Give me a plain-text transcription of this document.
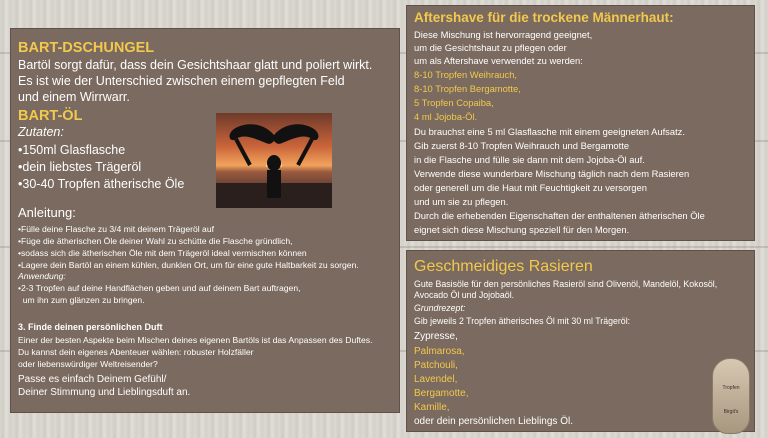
BART-DSCHUNGEL
Bartöl sorgt dafür, dass dein Gesichtshaar glatt und poliert wirkt.
Es ist wie der Unterschied zwischen einem gepflegten Feld
und einem Wirrwarr.
BART-ÖL
Zutaten:
•150ml Glasflasche
•dein liebstes Trägeröl
•30-40 Tropfen ätherische Öle
Anleitung:
•Fülle deine Flasche zu 3/4 mit deinem Trägeröl auf
•Füge die ätherischen Öle deiner Wahl zu schütte die Flasche gründlich,
•sodass sich die ätherischen Öle mit dem Trägeröl ideal vermischen können
•Lagere dein Bartöl an einem kühlen, dunklen Ort, um für eine gute Haltbarkeit zu sorgen.
Anwendung:
•2-3 Tropfen auf deine Handflächen geben und auf deinem Bart auftragen,
um ihn zum glänzen zu bringen.
3. Finde deinen persönlichen Duft
Einer der besten Aspekte beim Mischen deines eigenen Bartöls ist das Anpassen des Duftes.
Du kannst dein eigenes Abenteuer wählen: robuster Holzfäller
oder liebenswürdiger Weltreisender?
Passe es einfach Deinem Gefühl/
Deiner Stimmung und Lieblingsduft an.
Aftershave für die trockene Männerhaut:
Diese Mischung ist hervorragend geeignet,
um die Gesichtshaut zu pflegen oder
um als Aftershave verwendet zu werden:
8-10 Tropfen Weihrauch,
8-10 Tropfen Bergamotte,
5 Tropfen Copaiba,
4 ml Jojoba-Öl.
Du brauchst eine 5 ml Glasflasche mit einem geeigneten Aufsatz.
Gib zuerst 8-10 Tropfen Weihrauch und Bergamotte
in die Flasche und fülle sie dann mit dem Jojoba-Öl auf.
Verwende diese wunderbare Mischung täglich nach dem Rasieren
oder generell um die Haut mit Feuchtigkeit zu versorgen
und um sie zu pflegen.
Durch die erhebenden Eigenschaften der enthaltenen ätherischen Öle
eignet sich diese Mischung speziell für den Morgen.
Geschmeidiges Rasieren
Gute Basisöle für den persönliches Rasieröl sind Olivenöl, Mandelöl, Kokosöl,
Avocado Öl und Jojobaöl.
Grundrezept:
Gib jeweils 2 Tropfen ätherisches Öl mit 30 ml Trägeröl:
Zypresse,
Palmarosa,
Patchouli,
Lavendel,
Bergamotte,
Kamille,
oder dein persönlichen Lieblings Öl.
Tropfen
Birgit's
